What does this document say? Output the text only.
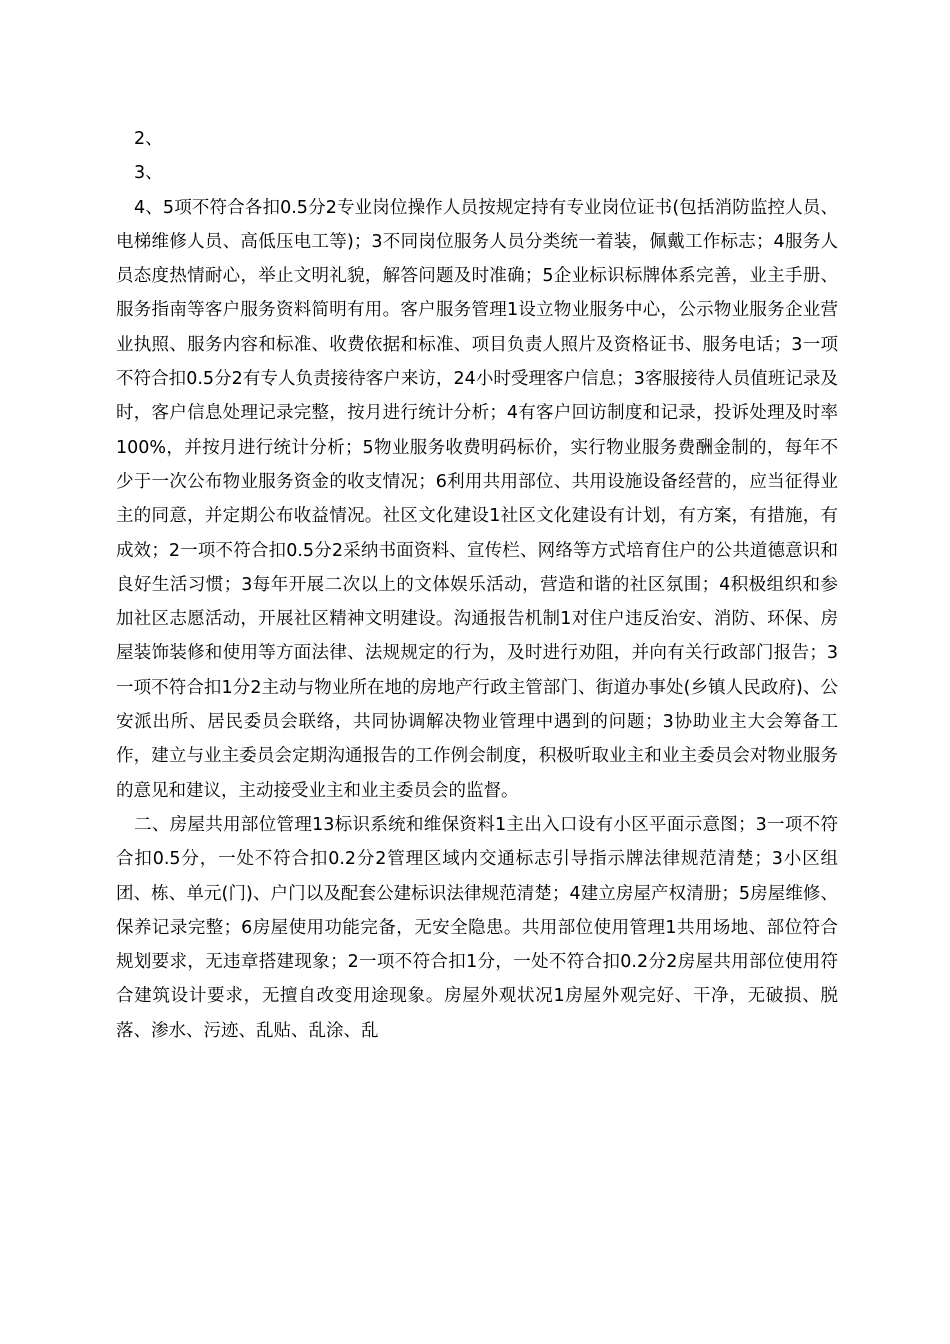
2、

3、

4、5项不符合各扣0.5分2专业岗位操作人员按规定持有专业岗位证书(包括消防监控人员、电梯维修人员、高低压电工等)；3不同岗位服务人员分类统一着装，佩戴工作标志；4服务人员态度热情耐心，举止文明礼貌，解答问题及时准确；5企业标识标牌体系完善，业主手册、服务指南等客户服务资料简明有用。客户服务管理1设立物业服务中心，公示物业服务企业营业执照、服务内容和标准、收费依据和标准、项目负责人照片及资格证书、服务电话；3一项不符合扣0.5分2有专人负责接待客户来访，24小时受理客户信息；3客服接待人员值班记录及时，客户信息处理记录完整，按月进行统计分析；4有客户回访制度和记录，投诉处理及时率100%，并按月进行统计分析；5物业服务收费明码标价，实行物业服务费酬金制的，每年不少于一次公布物业服务资金的收支情况；6利用共用部位、共用设施设备经营的，应当征得业主的同意，并定期公布收益情况。社区文化建设1社区文化建设有计划，有方案，有措施，有成效；2一项不符合扣0.5分2采纳书面资料、宣传栏、网络等方式培育住户的公共道德意识和良好生活习惯；3每年开展二次以上的文体娱乐活动，营造和谐的社区氛围；4积极组织和参加社区志愿活动，开展社区精神文明建设。沟通报告机制1对住户违反治安、消防、环保、房屋装饰装修和使用等方面法律、法规规定的行为，及时进行劝阻，并向有关行政部门报告；3一项不符合扣1分2主动与物业所在地的房地产行政主管部门、街道办事处(乡镇人民政府)、公安派出所、居民委员会联络，共同协调解决物业管理中遇到的问题；3协助业主大会筹备工作，建立与业主委员会定期沟通报告的工作例会制度，积极听取业主和业主委员会对物业服务的意见和建议，主动接受业主和业主委员会的监督。

二、房屋共用部位管理13标识系统和维保资料1主出入口设有小区平面示意图；3一项不符合扣0.5分，一处不符合扣0.2分2管理区域内交通标志引导指示牌法律规范清楚；3小区组团、栋、单元(门)、户门以及配套公建标识法律规范清楚；4建立房屋产权清册；5房屋维修、保养记录完整；6房屋使用功能完备，无安全隐患。共用部位使用管理1共用场地、部位符合规划要求，无违章搭建现象；2一项不符合扣1分，一处不符合扣0.2分2房屋共用部位使用符合建筑设计要求，无擅自改变用途现象。房屋外观状况1房屋外观完好、干净，无破损、脱落、渗水、污迹、乱贴、乱涂、乱
